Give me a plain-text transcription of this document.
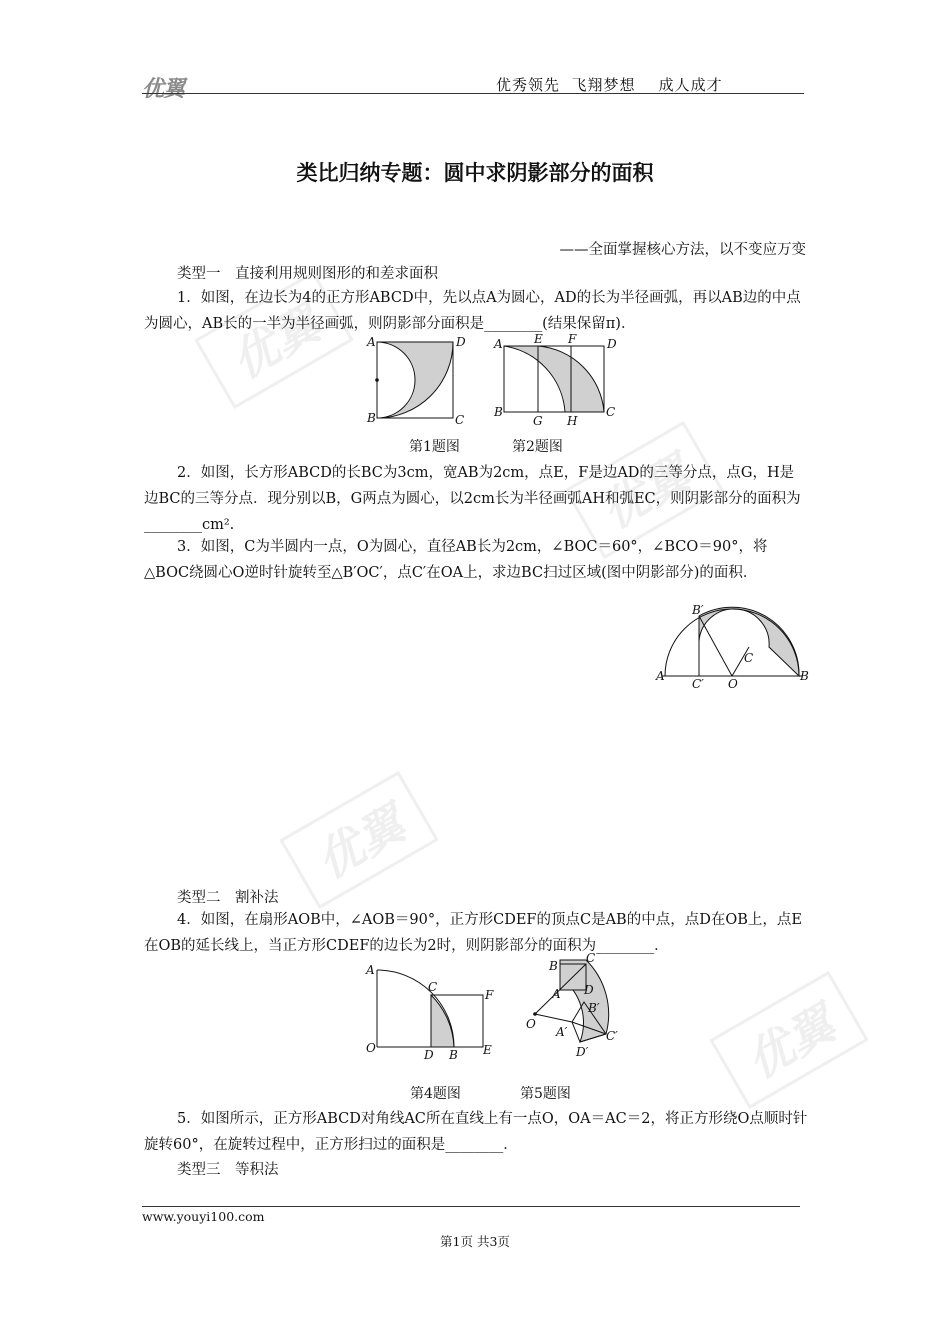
优翼
优翼
优翼
优翼
优翼	优秀领先  飞翔梦想    成人成才
类比归纳专题：圆中求阴影部分的面积
——全面掌握核心方法，以不变应万变
类型一　直接利用规则图形的和差求面积
1．如图，在边长为4的正方形ABCD中，先以点A为圆心，AD的长为半径画弧，再以AB边的中点为圆心，AB长的一半为半径画弧，则阴影部分面积是________(结果保留π)．
A	D
B	C
A	E F	D
B
G H
C
第1题图	第2题图
2．如图，长方形ABCD的长BC为3cm，宽AB为2cm，点E，F是边AD的三等分点，点G，H是边BC的三等分点．现分别以B，G两点为圆心，以2cm长为半径画弧AH和弧EC，则阴影部分的面积为________cm².
3．如图，C为半圆内一点，O为圆心，直径AB长为2cm，∠BOC＝60°，∠BCO＝90°，将△BOC绕圆心O逆时针旋转至△B′OC′，点C′在OA上，求边BC扫过区域(图中阴影部分)的面积．
B′
C
A
C′ O
B
类型二　割补法
4．如图，在扇形AOB中，∠AOB＝90°，正方形CDEF的顶点C是AB的中点，点D在OB上，点E在OB的延长线上，当正方形CDEF的边长为2时，则阴影部分的面积为________．
A
C
F
O	D B E
B
C
A D
B′
O
A′	C′
D′
第4题图	第5题图
5．如图所示，正方形ABCD对角线AC所在直线上有一点O，OA＝AC＝2，将正方形绕O点顺时针旋转60°，在旋转过程中，正方形扫过的面积是________．
类型三　等积法
www.youyi100.com
第1页 共3页
